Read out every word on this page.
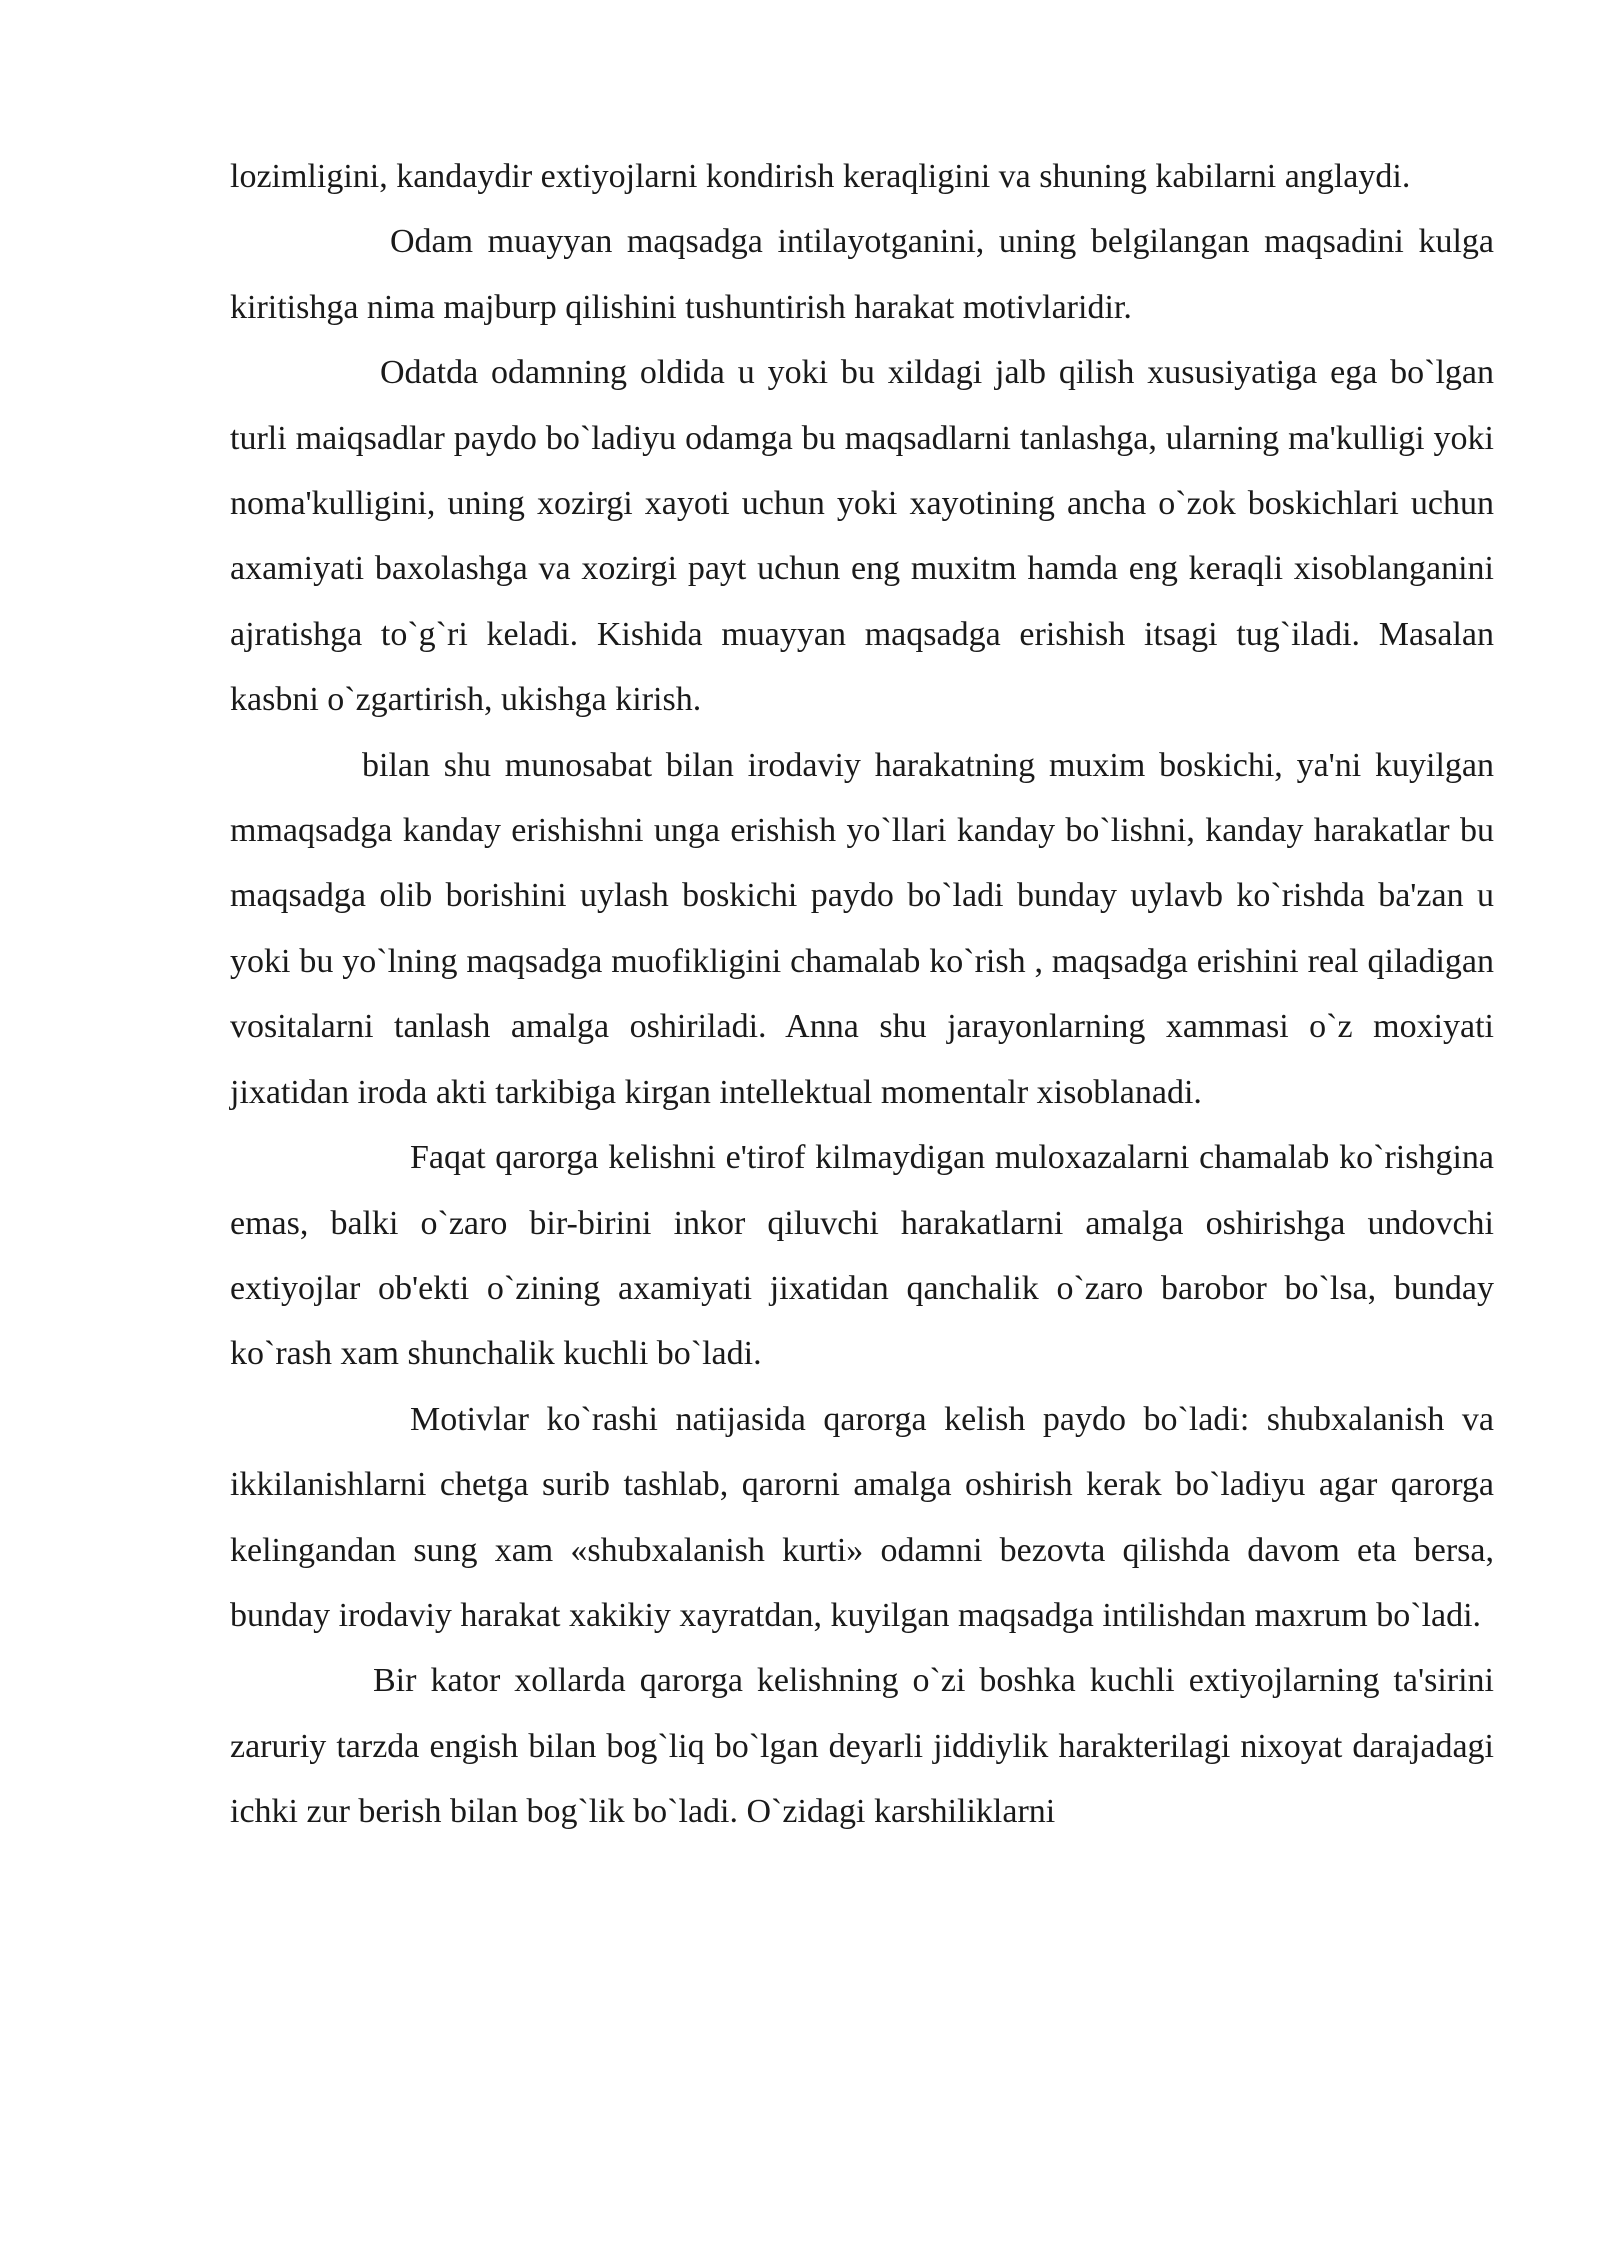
lozimligini, kandaydir extiyojlarni kondirish keraqligini va shuning kabilarni anglaydi.

Odam muayyan maqsadga intilayotganini, uning belgilangan maqsadini kulga kiritishga nima majburp qilishini tushuntirish harakat motivlaridir.

Odatda odamning oldida u yoki bu xildagi jalb qilish xususiyatiga ega bo`lgan turli maiqsadlar paydo bo`ladiyu odamga bu maqsadlarni tanlashga, ularning ma'kulligi yoki noma'kulligini, uning xozirgi xayoti uchun yoki xayotining ancha o`zok boskichlari uchun axamiyati baxolashga va xozirgi payt uchun eng muxitm hamda eng keraqli xisoblanganini ajratishga to`g`ri keladi. Kishida muayyan maqsadga erishish itsagi tug`iladi. Masalan kasbni o`zgartirish, ukishga kirish.

bilan shu munosabat bilan irodaviy harakatning muxim boskichi, ya'ni kuyilgan mmaqsadga kanday erishishni unga erishish yo`llari kanday bo`lishni, kanday harakatlar bu maqsadga olib borishini uylash boskichi paydo bo`ladi bunday uylavb ko`rishda ba'zan u yoki bu yo`lning maqsadga muofikligini chamalab ko`rish , maqsadga erishini real qiladigan vositalarni tanlash amalga oshiriladi. Anna shu jarayonlarning xammasi o`z moxiyati jixatidan iroda akti tarkibiga kirgan intellektual momentalr xisoblanadi.

Faqat qarorga kelishni e'tirof kilmaydigan muloxazalarni chamalab ko`rishgina emas, balki o`zaro bir-birini inkor qiluvchi harakatlarni amalga oshirishga undovchi extiyojlar ob'ekti o`zining axamiyati jixatidan qanchalik o`zaro barobor bo`lsa, bunday ko`rash xam shunchalik kuchli bo`ladi.

Motivlar ko`rashi natijasida qarorga kelish paydo bo`ladi: shubxalanish va ikkilanishlarni chetga surib tashlab, qarorni amalga oshirish kerak bo`ladiyu agar qarorga kelingandan sung xam «shubxalanish kurti» odamni bezovta qilishda davom eta bersa, bunday irodaviy harakat xakikiy xayratdan, kuyilgan maqsadga intilishdan maxrum bo`ladi.

Bir kator xollarda qarorga kelishning o`zi boshka kuchli extiyojlarning ta'sirini zaruriy tarzda engish bilan bog`liq bo`lgan deyarli jiddiylik harakterilagi nixoyat darajadagi ichki zur berish bilan bog`lik bo`ladi. O`zidagi karshiliklarni
